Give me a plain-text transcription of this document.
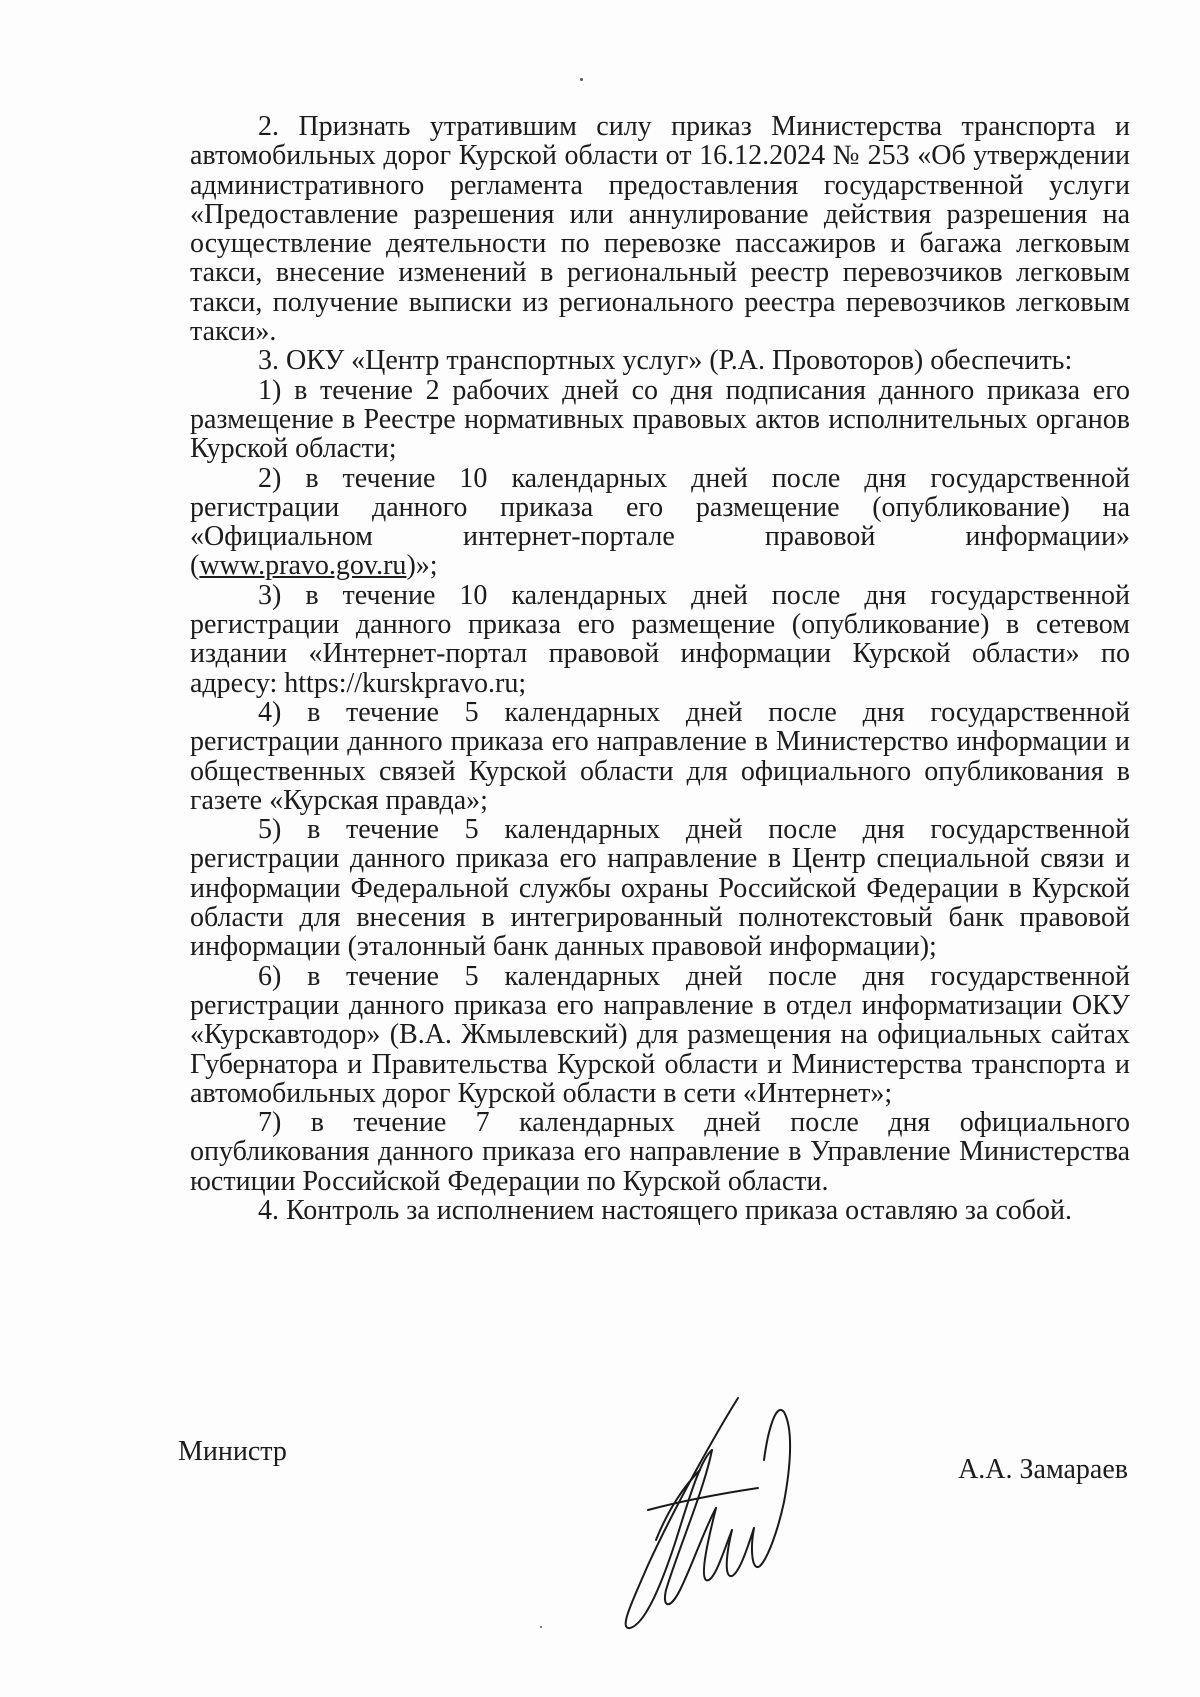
2. Признать утратившим силу приказ Министерства транспорта и автомобильных дорог Курской области от 16.12.2024 № 253 «Об утверждении административного регламента предоставления государственной услуги «Предоставление разрешения или аннулирование действия разрешения на осуществление деятельности по перевозке пассажиров и багажа легковым такси, внесение изменений в региональный реестр перевозчиков легковым такси, получение выписки из регионального реестра перевозчиков легковым такси».

3. ОКУ «Центр транспортных услуг» (Р.А. Провоторов) обеспечить:

1) в течение 2 рабочих дней со дня подписания данного приказа его размещение в Реестре нормативных правовых актов исполнительных органов Курской области;

2) в течение 10 календарных дней после дня государственной регистрации данного приказа его размещение (опубликование) на «Официальном интернет-портале правовой информации» (www.pravo.gov.ru)»;

3) в течение 10 календарных дней после дня государственной регистрации данного приказа его размещение (опубликование) в сетевом издании «Интернет-портал правовой информации Курской области» по адресу: https://kurskpravo.ru;

4) в течение 5 календарных дней после дня государственной регистрации данного приказа его направление в Министерство информации и общественных связей Курской области для официального опубликования в газете «Курская правда»;

5) в течение 5 календарных дней после дня государственной регистрации данного приказа его направление в Центр специальной связи и информации Федеральной службы охраны Российской Федерации в Курской области для внесения в интегрированный полнотекстовый банк правовой информации (эталонный банк данных правовой информации);

6) в течение 5 календарных дней после дня государственной регистрации данного приказа его направление в отдел информатизации ОКУ «Курскавтодор» (В.А. Жмылевский) для размещения на официальных сайтах Губернатора и Правительства Курской области и Министерства транспорта и автомобильных дорог Курской области в сети «Интернет»;

7) в течение 7 календарных дней после дня официального опубликования данного приказа его направление в Управление Министерства юстиции Российской Федерации по Курской области.

4. Контроль за исполнением настоящего приказа оставляю за собой.

Министр
А.А. Замараев
